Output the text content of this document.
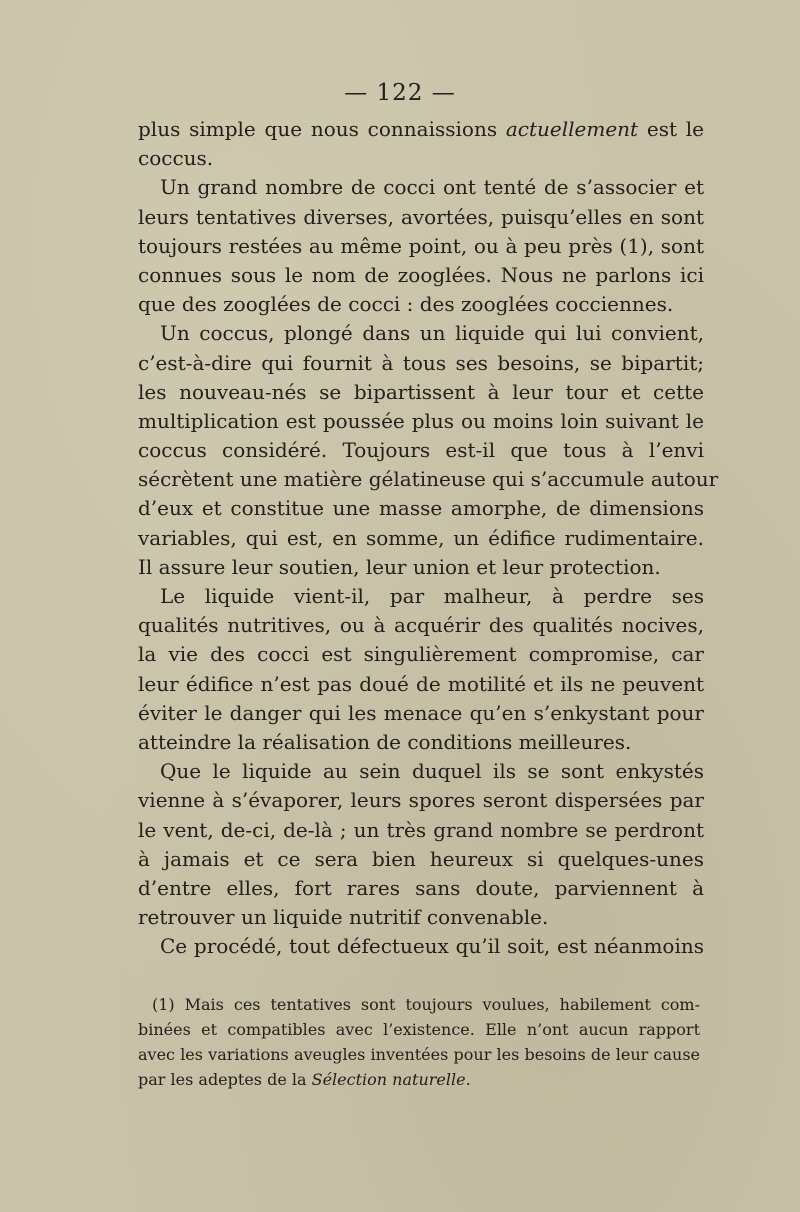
— 122 —
plus simple que nous connaissions actuellement est le
coccus.
Un grand nombre de cocci ont tenté de s’associer et
leurs tentatives diverses, avortées, puisqu’elles en sont
toujours restées au même point, ou à peu près (1), sont
connues sous le nom de zooglées. Nous ne parlons ici
que des zooglées de cocci : des zooglées cocciennes.
Un coccus, plongé dans un liquide qui lui convient,
c’est-à-dire qui fournit à tous ses besoins, se bipartit;
les nouveau-nés se bipartissent à leur tour et cette
multiplication est poussée plus ou moins loin suivant le
coccus considéré. Toujours est-il que tous à l’envi
sécrètent une matière gélatineuse qui s’accumule autour
d’eux et constitue une masse amorphe, de dimensions
variables, qui est, en somme, un édifice rudimentaire.
Il assure leur soutien, leur union et leur protection.
Le liquide vient-il, par malheur, à perdre ses
qualités nutritives, ou à acquérir des qualités nocives,
la vie des cocci est singulièrement compromise, car
leur édifice n’est pas doué de motilité et ils ne peuvent
éviter le danger qui les menace qu’en s’enkystant pour
atteindre la réalisation de conditions meilleures.
Que le liquide au sein duquel ils se sont enkystés
vienne à s’évaporer, leurs spores seront dispersées par
le vent, de-ci, de-là ; un très grand nombre se perdront
à jamais et ce sera bien heureux si quelques-unes
d’entre elles, fort rares sans doute, parviennent à
retrouver un liquide nutritif convenable.
Ce procédé, tout défectueux qu’il soit, est néanmoins
(1) Mais ces tentatives sont toujours voulues, habilement com-
binées et compatibles avec l’existence. Elle n’ont aucun rapport
avec les variations aveugles inventées pour les besoins de leur cause
par les adeptes de la Sélection naturelle.
